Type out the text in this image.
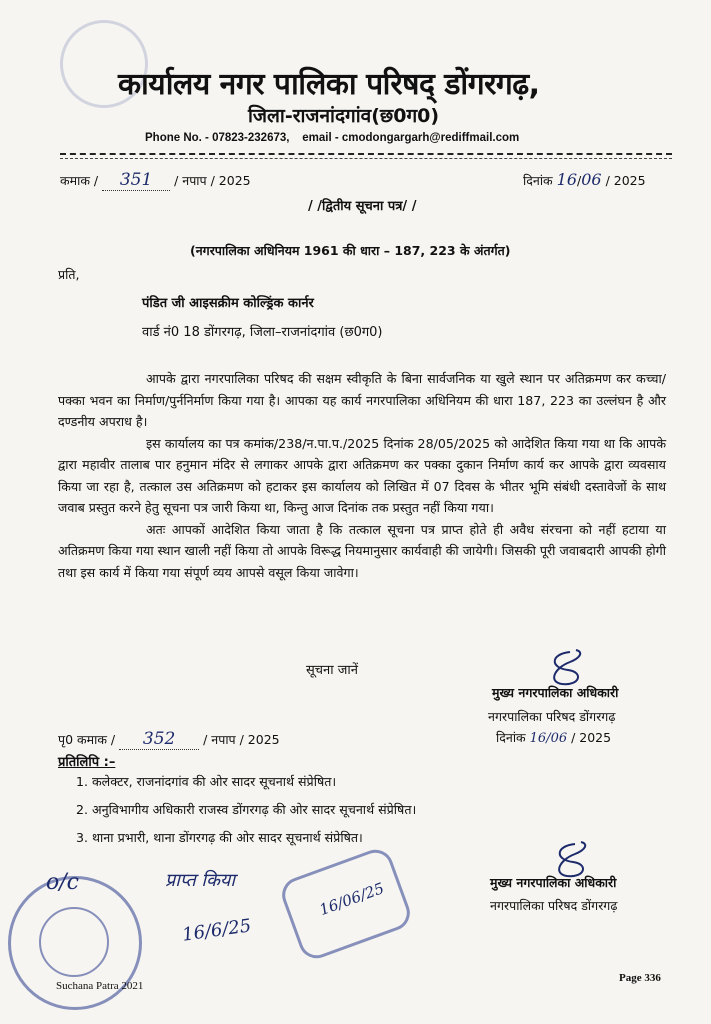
कार्यालय नगर पालिका परिषद् डोंगरगढ़,
जिला-राजनांदगांव(छ0ग0)
Phone No. - 07823-232673, email - cmodongargarh@rediffmail.com
कमाक / 351 / नपाप / 2025	दिनांक 16/06 / 2025
/ /द्वितीय सूचना पत्र/ /
(नगरपालिका अधिनियम 1961 की धारा – 187, 223 के अंतर्गत)
प्रति,
पंडित जी आइसक्रीम कोल्ड्रिंक कार्नर
वार्ड नं0 18 डोंगरगढ़, जिला–राजनांदगांव (छ0ग0)

आपके द्वारा नगरपालिका परिषद की सक्षम स्वीकृति के बिना सार्वजनिक या खुले स्थान पर अतिक्रमण कर कच्चा/पक्का भवन का निर्माण/पुर्ननिर्माण किया गया है। आपका यह कार्य नगरपालिका अधिनियम की धारा 187, 223 का उल्लंघन है और दण्डनीय अपराध है।

इस कार्यालय का पत्र कमांक/238/न.पा.प./2025 दिनांक 28/05/2025 को आदेशित किया गया था कि आपके द्वारा महावीर तालाब पार हनुमान मंदिर से लगाकर आपके द्वारा अतिक्रमण कर पक्का दुकान निर्माण कार्य कर आपके द्वारा व्यवसाय किया जा रहा है, तत्काल उस अतिक्रमण को हटाकर इस कार्यालय को लिखित में 07 दिवस के भीतर भूमि संबंधी दस्तावेजों के साथ जवाब प्रस्तुत करने हेतु सूचना पत्र जारी किया था, किन्तु आज दिनांक तक प्रस्तुत नहीं किया गया।

अतः आपकों आदेशित किया जाता है कि तत्काल सूचना पत्र प्राप्त होते ही अवैध संरचना को नहीं हटाया या अतिक्रमण किया गया स्थान खाली नहीं किया तो आपके विरूद्ध नियमानुसार कार्यवाही की जायेगी। जिसकी पूरी जवाबदारी आपकी होगी तथा इस कार्य में किया गया संपूर्ण व्यय आपसे वसूल किया जावेगा।

सूचना जानें
मुख्य नगरपालिका अधिकारी
नगरपालिका परिषद डोंगरगढ़
दिनांक 16/06 / 2025
पृ0 कमाक / 352 / नपाप / 2025
प्रतिलिपि :–
1. कलेक्टर, राजनांदगांव की ओर सादर सूचनार्थ संप्रेषित।
2. अनुविभागीय अधिकारी राजस्व डोंगरगढ़ की ओर सादर सूचनार्थ संप्रेषित।
3. थाना प्रभारी, थाना डोंगरगढ़ की ओर सादर सूचनार्थ संप्रेषित।
मुख्य नगरपालिका अधिकारी
नगरपालिका परिषद डोंगरगढ़
o/c	प्राप्त किया
16/6/25
16/06/25
Suchana Patra 2021
Page 336
